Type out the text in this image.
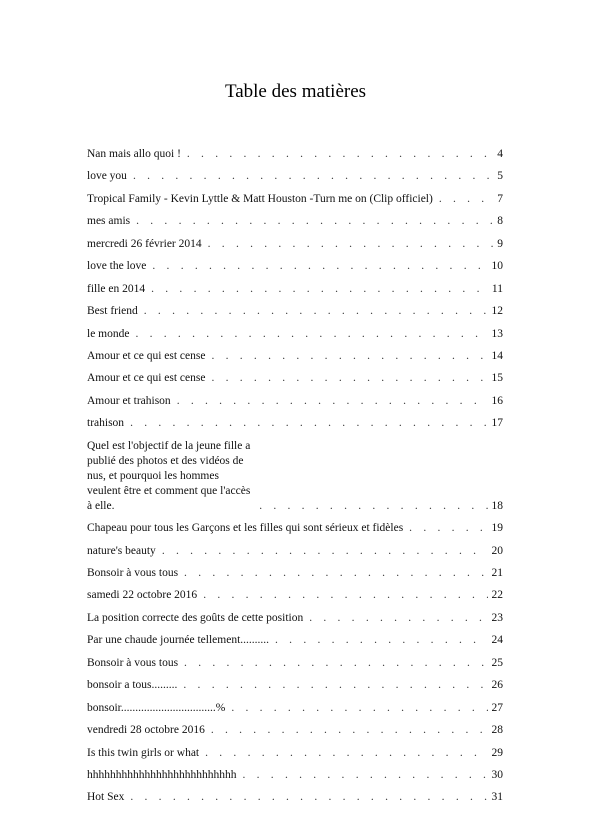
Table des matières
Nan mais allo quoi ! . . .	4
love you . . .	5
Tropical Family - Kevin Lyttle & Matt Houston -Turn me on (Clip officiel) . . .	7
mes amis . . .	8
mercredi 26 février 2014 . . .	9
love the love . . .	10
fille en 2014 . . .	11
Best friend . . .	12
le monde . . .	13
Amour et ce qui est cense . . .	14
Amour et ce qui est cense . . .	15
Amour et trahison . . .	16
trahison . . .	17
Quel est l'objectif de la jeune fille a publié des photos et des vidéos de nus, et pourquoi les hommes veulent être et comment que l'accès à elle. . . .	18
Chapeau pour tous les Garçons et les filles qui sont sérieux et fidèles . . .	19
nature's beauty . . .	20
Bonsoir à vous tous . . .	21
samedi 22 octobre 2016 . . .	22
La position correcte des goûts de cette position . . .	23
Par une chaude journée tellement.......... . . .	24
Bonsoir à vous tous . . .	25
bonsoir a tous......... . . .	26
bonsoir.................................% . . .	27
vendredi 28 octobre 2016 . . .	28
Is this twin girls or what . . .	29
hhhhhhhhhhhhhhhhhhhhhhhhhh . . .	30
Hot Sex . . .	31
